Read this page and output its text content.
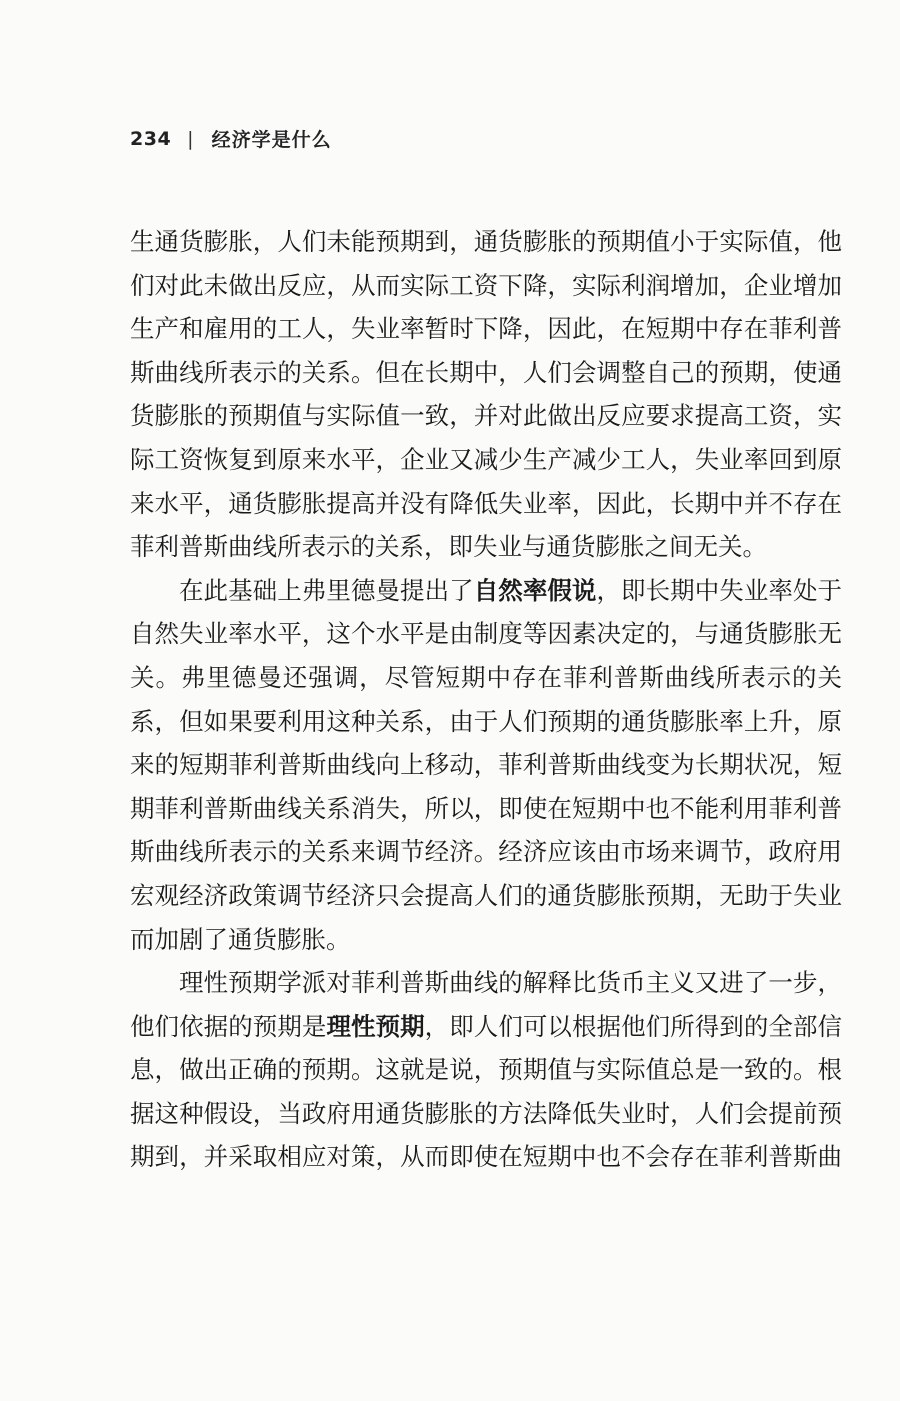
234 | 经济学是什么

生通货膨胀，人们未能预期到，通货膨胀的预期值小于实际值，他们对此未做出反应，从而实际工资下降，实际利润增加，企业增加生产和雇用的工人，失业率暂时下降，因此，在短期中存在菲利普斯曲线所表示的关系。但在长期中，人们会调整自己的预期，使通货膨胀的预期值与实际值一致，并对此做出反应要求提高工资，实际工资恢复到原来水平，企业又减少生产减少工人，失业率回到原来水平，通货膨胀提高并没有降低失业率，因此，长期中并不存在菲利普斯曲线所表示的关系，即失业与通货膨胀之间无关。

在此基础上弗里德曼提出了自然率假说，即长期中失业率处于自然失业率水平，这个水平是由制度等因素决定的，与通货膨胀无关。弗里德曼还强调，尽管短期中存在菲利普斯曲线所表示的关系，但如果要利用这种关系，由于人们预期的通货膨胀率上升，原来的短期菲利普斯曲线向上移动，菲利普斯曲线变为长期状况，短期菲利普斯曲线关系消失，所以，即使在短期中也不能利用菲利普斯曲线所表示的关系来调节经济。经济应该由市场来调节，政府用宏观经济政策调节经济只会提高人们的通货膨胀预期，无助于失业而加剧了通货膨胀。

理性预期学派对菲利普斯曲线的解释比货币主义又进了一步，他们依据的预期是理性预期，即人们可以根据他们所得到的全部信息，做出正确的预期。这就是说，预期值与实际值总是一致的。根据这种假设，当政府用通货膨胀的方法降低失业时，人们会提前预期到，并采取相应对策，从而即使在短期中也不会存在菲利普斯曲
